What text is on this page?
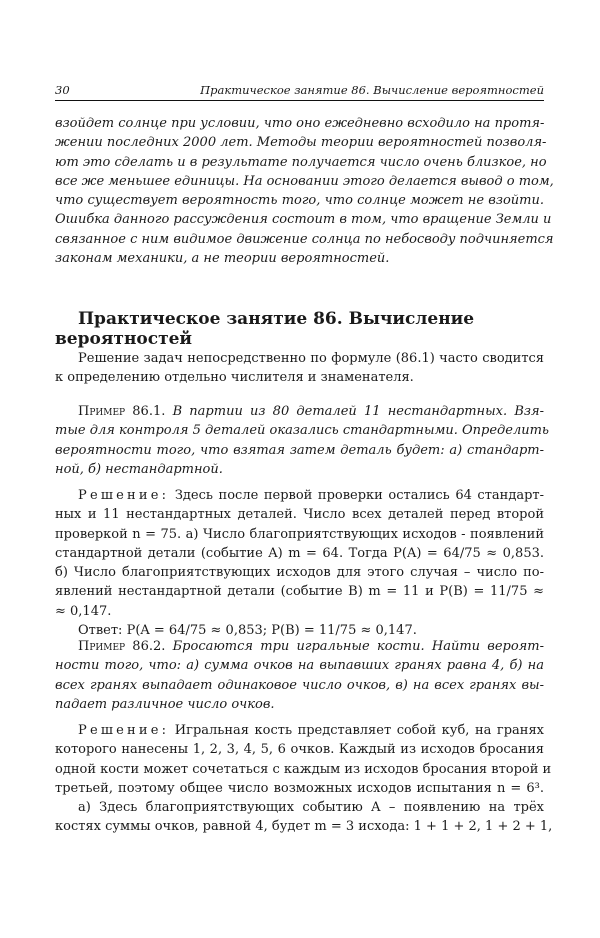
30	Практическое занятие 86. Вычисление вероятностей
взойдет солнце при условии, что оно ежедневно всходило на протя-
жении последних 2000 лет. Методы теории вероятностей позволя-
ют это сделать и в результате получается число очень близкое, но
все же меньшее единицы. На основании этого делается вывод о том,
что существует вероятность того, что солнце может не взойти.
Ошибка данного рассуждения состоит в том, что вращение Земли и
связанное с ним видимое движение солнца по небосводу подчиняется
законам механики, а не теории вероятностей.
Практическое занятие 86. Вычисление
вероятностей
Решение задач непосредственно по формуле (86.1) часто сводится
к определению отдельно числителя и знаменателя.
Пример 86.1. В партии из 80 деталей 11 нестандартных. Взя-
тые для контроля 5 деталей оказались стандартными. Определить
вероятности того, что взятая затем деталь будет: а) стандарт-
ной, б) нестандартной.
Решение: Здесь после первой проверки остались 64 стандарт-
ных и 11 нестандартных деталей. Число всех деталей перед второй
проверкой n = 75. а) Число благоприятствующих исходов - появлений
стандартной детали (событие A) m = 64. Тогда P(A) = 64/75 ≈ 0,853.
б) Число благоприятствующих исходов для этого случая – число по-
явлений нестандартной детали (событие B) m = 11 и P(B) = 11/75 ≈
≈ 0,147.
Ответ: P(A = 64/75 ≈ 0,853; P(B) = 11/75 ≈ 0,147.
Пример 86.2. Бросаются три игральные кости. Найти вероят-
ности того, что: а) сумма очков на выпавших гранях равна 4, б) на
всех гранях выпадает одинаковое число очков, в) на всех гранях вы-
падает различное число очков.
Решение: Игральная кость представляет собой куб, на гранях
которого нанесены 1, 2, 3, 4, 5, 6 очков. Каждый из исходов бросания
одной кости может сочетаться с каждым из исходов бросания второй и
третьей, поэтому общее число возможных исходов испытания n = 6³.
а) Здесь благоприятствующих событию A – появлению на трёх
костях суммы очков, равной 4, будет m = 3 исхода: 1 + 1 + 2, 1 + 2 + 1,
